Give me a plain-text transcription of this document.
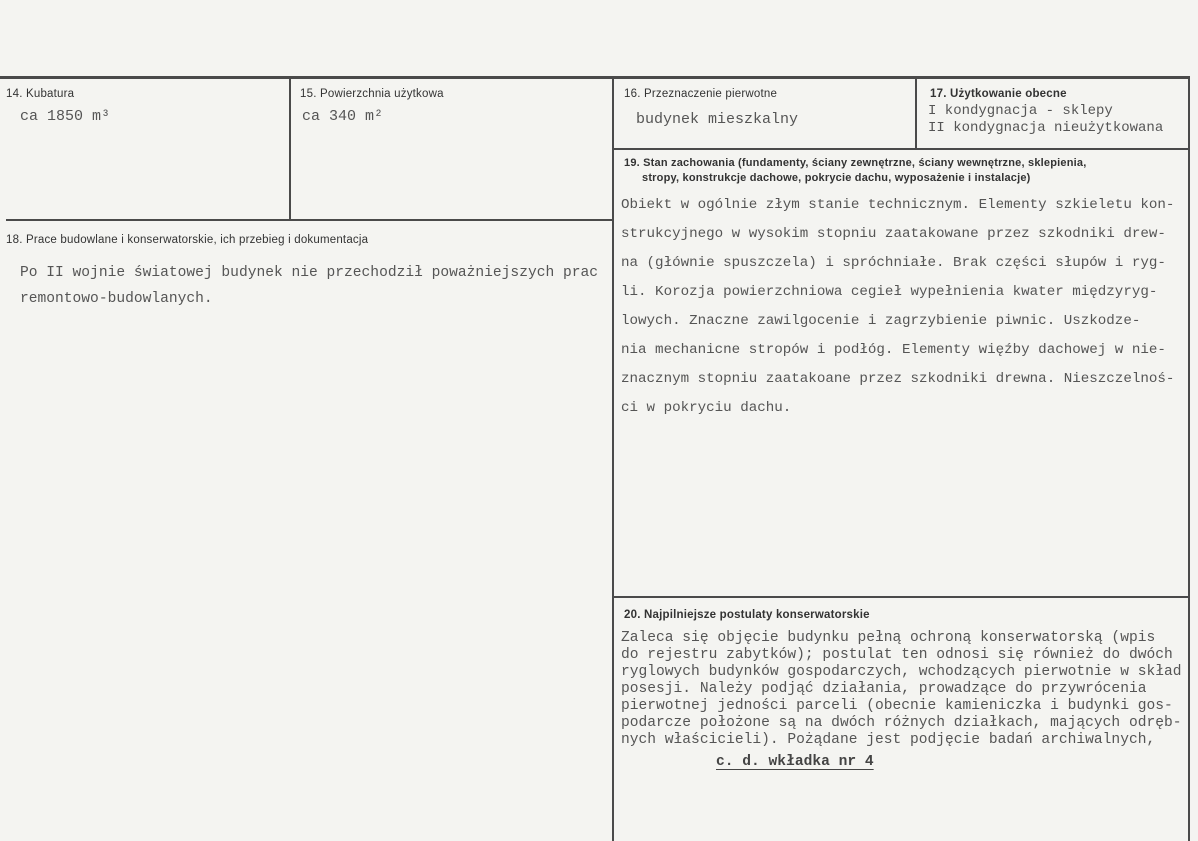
14. Kubatura
ca 1850 m³
15. Powierzchnia użytkowa
ca 340 m²
16. Przeznaczenie pierwotne
budynek mieszkalny
17. Użytkowanie obecne
I kondygnacja - sklepy
II kondygnacja nieużytkowana
18. Prace budowlane i konserwatorskie, ich przebieg i dokumentacja
Po II wojnie światowej budynek nie przechodził poważniejszych prac
remontowo-budowlanych.
19. Stan zachowania (fundamenty, ściany zewnętrzne, ściany wewnętrzne, sklepienia,
stropy, konstrukcje dachowe, pokrycie dachu, wyposażenie i instalacje)
Obiekt w ogólnie złym stanie technicznym. Elementy szkieletu kon-
strukcyjnego w wysokim stopniu zaatakowane przez szkodniki drew-
na (głównie spuszczela) i spróchniałe. Brak części słupów i ryg-
li. Korozja powierzchniowa cegieł wypełnienia kwater międzyryg-
lowych. Znaczne zawilgocenie i zagrzybienie piwnic. Uszkodze-
nia mechanicne stropów i podłóg. Elementy więźby dachowej w nie-
znacznym stopniu zaatakoane przez szkodniki drewna. Nieszczelnoś-
ci w pokryciu dachu.
20. Najpilniejsze postulaty konserwatorskie
Zaleca się objęcie budynku pełną ochroną konserwatorską (wpis
do rejestru zabytków); postulat ten odnosi się również do dwóch
ryglowych budynków gospodarczych, wchodzących pierwotnie w skład
posesji. Należy podjąć działania, prowadzące do przywrócenia
pierwotnej jedności parceli (obecnie kamieniczka i budynki gos-
podarcze położone są na dwóch różnych działkach, mających odręb-
nych właścicieli). Pożądane jest podjęcie badań archiwalnych,
c. d. wkładka nr 4
